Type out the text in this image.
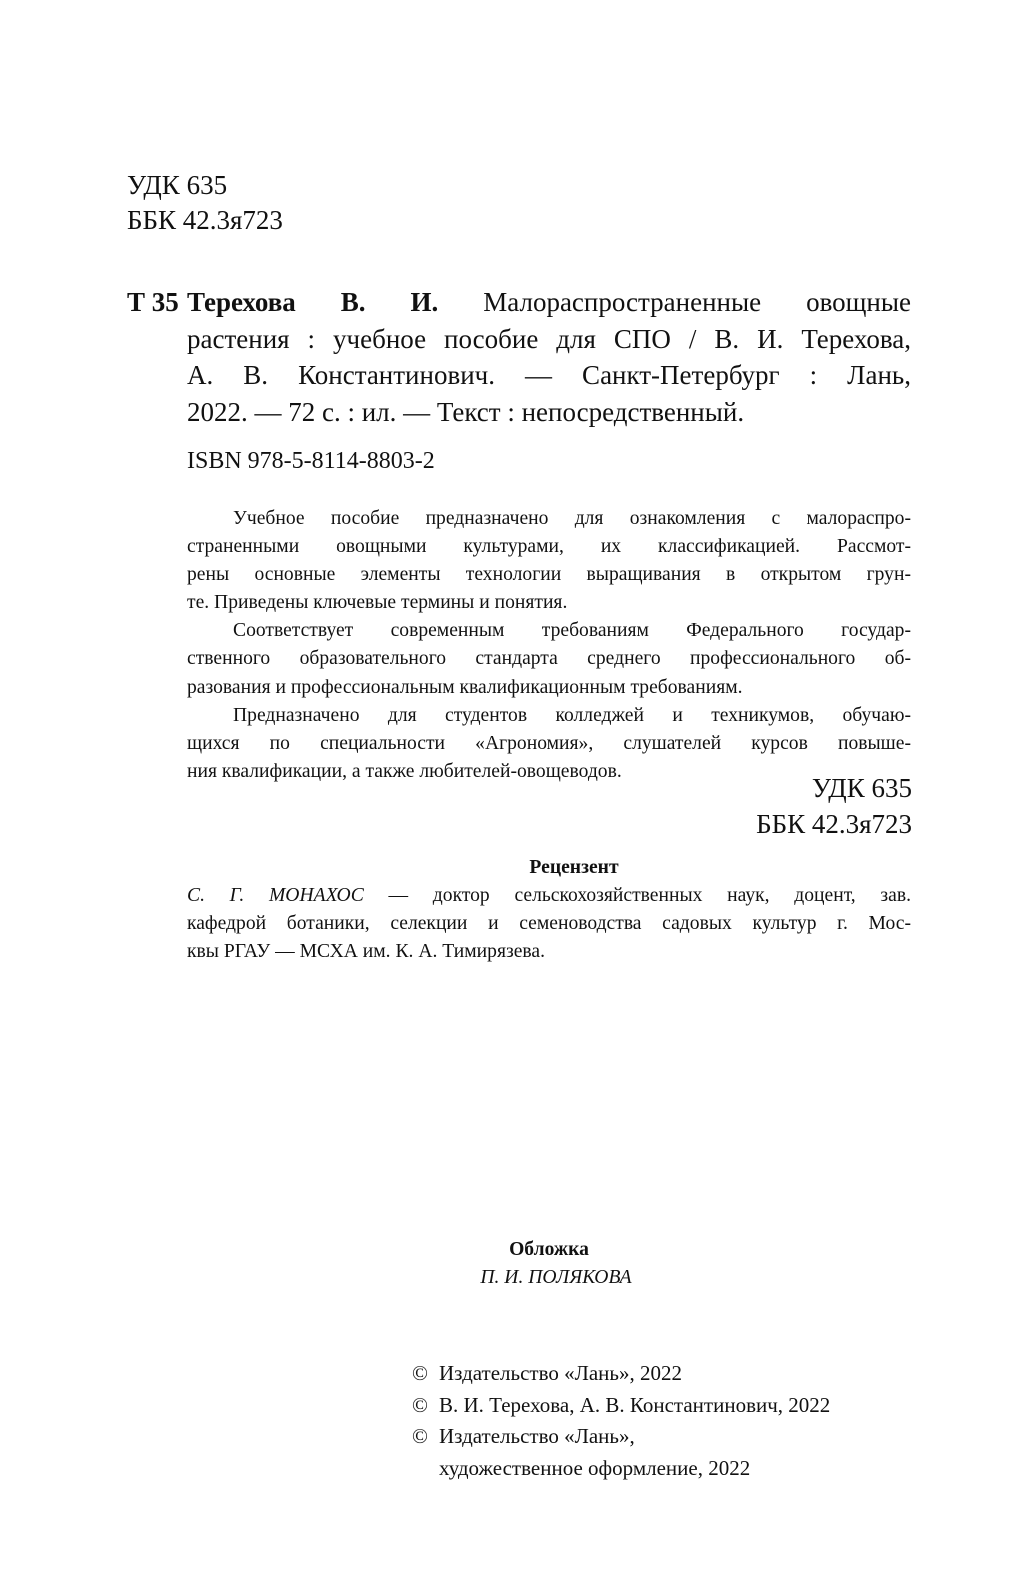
УДК 635
ББК 42.3я723
Т 35 Терехова В. И. Малораспространенные овощные
растения : учебное пособие для СПО / В. И. Терехова,
А. В. Константинович. — Санкт-Петербург : Лань,
2022. — 72 с. : ил. — Текст : непосредственный.
ISBN 978-5-8114-8803-2
Учебное пособие предназначено для ознакомления с малораспро-
страненными овощными культурами, их классификацией. Рассмот-
рены основные элементы технологии выращивания в открытом грун-
те. Приведены ключевые термины и понятия.
Соответствует современным требованиям Федерального государ-
ственного образовательного стандарта среднего профессионального об-
разования и профессиональным квалификационным требованиям.
Предназначено для студентов колледжей и техникумов, обучаю-
щихся по специальности «Агрономия», слушателей курсов повыше-
ния квалификации, а также любителей-овощеводов.
УДК 635
ББК 42.3я723
Рецензент
С. Г. МОНАХОС — доктор сельскохозяйственных наук, доцент, зав.
кафедрой ботаники, селекции и семеноводства садовых культур г. Мос-
квы РГАУ — МСХА им. К. А. Тимирязева.
Обложка
П. И. ПОЛЯКОВА
© Издательство «Лань», 2022
© В. И. Терехова, А. В. Константинович, 2022
© Издательство «Лань»,
художественное оформление, 2022
